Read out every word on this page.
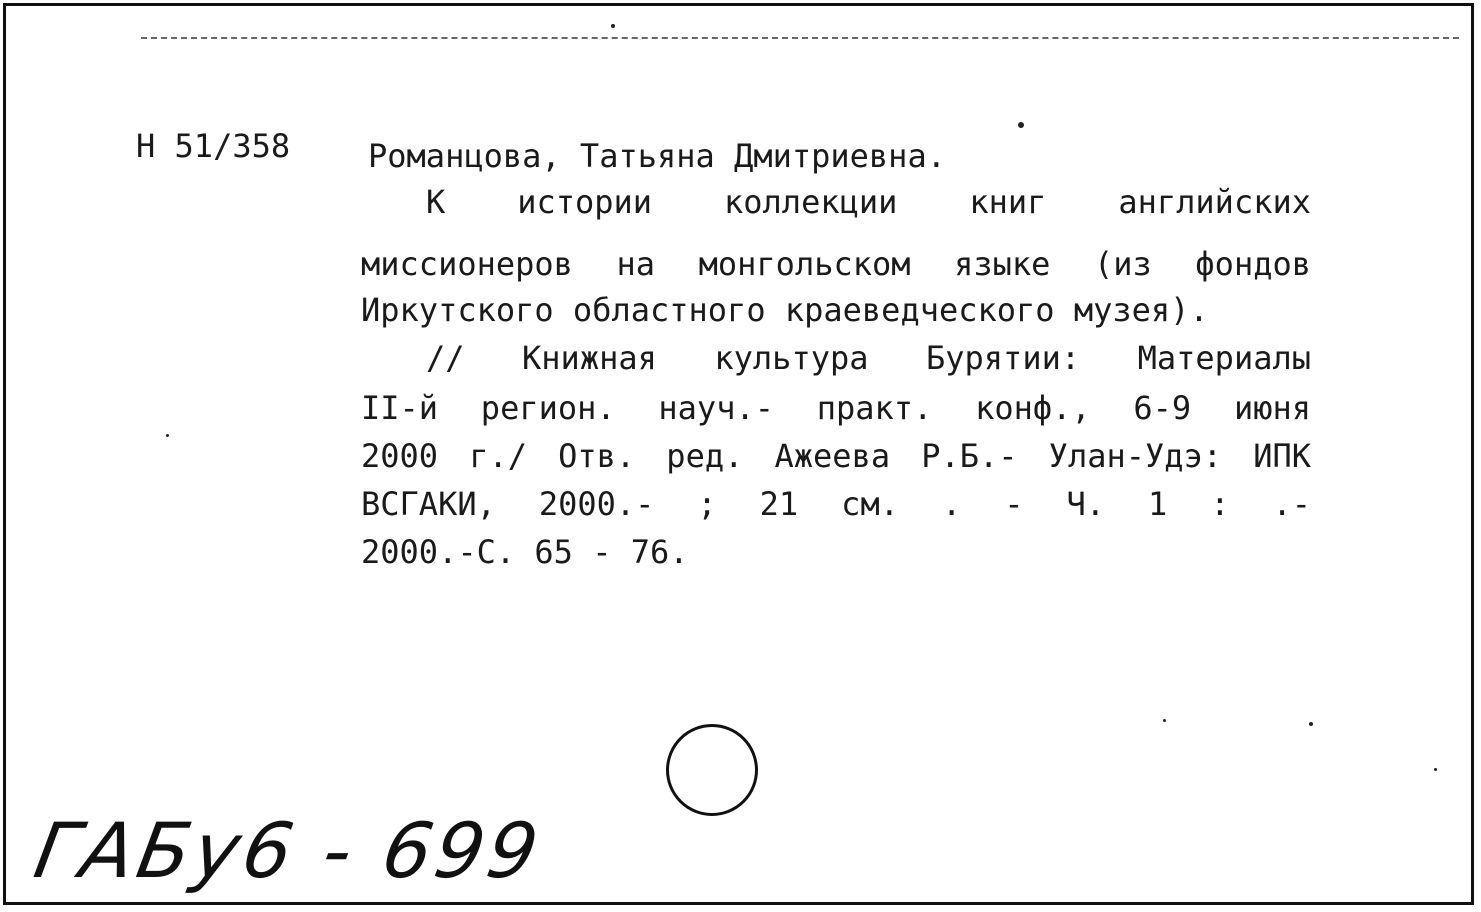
Н 51/358 Романцова, Татьяна Дмитриевна.
К истории коллекции книг английских
миссионеров на монгольском языке (из фондов
Иркутского областного краеведческого музея).
// Книжная культура Бурятии: Материалы
II-й регион. науч.- практ. конф., 6-9 июня
2000 г./ Отв. ред. Ажеева Р.Б.- Улан-Удэ: ИПК
ВСГАКИ, 2000.- ; 21 см. . - Ч. 1 : .-
2000.-С. 65 - 76.
ГАБу6 - 699
